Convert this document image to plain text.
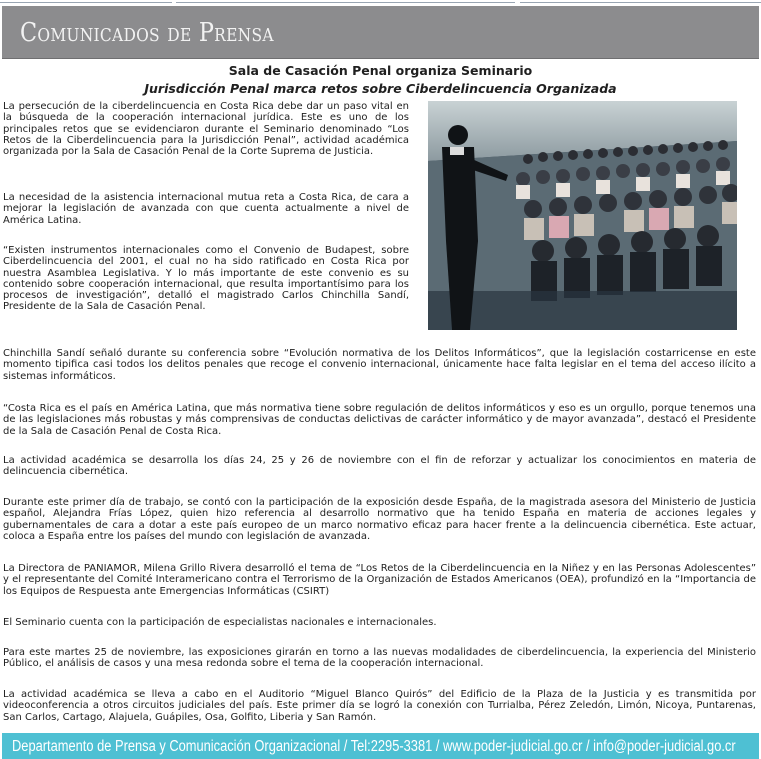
Comunicados de Prensa
Sala de Casación Penal organiza Seminario
Jurisdicción Penal marca retos sobre Ciberdelincuencia Organizada

La persecución de la ciberdelincuencia en Costa Rica debe dar un paso vital en la búsqueda de la cooperación internacional jurídica. Este es uno de los principales retos que se evidenciaron durante el Seminario denominado “Los Retos de la Ciberdelincuencia para la Jurisdicción Penal”, actividad académica organizada por la Sala de Casación Penal de la Corte Suprema de Justicia.

La necesidad de la asistencia internacional mutua reta a Costa Rica, de cara a mejorar la legislación de avanzada con que cuenta actualmente a nivel de América Latina.

“Existen instrumentos internacionales como el Convenio de Budapest, sobre Ciberdelincuencia del 2001, el cual no ha sido ratificado en Costa Rica por nuestra Asamblea Legislativa. Y lo más importante de este convenio es su contenido sobre cooperación internacional, que resulta importantísimo para los procesos de investigación”, detalló el magistrado Carlos Chinchilla Sandí, Presidente de la Sala de Casación Penal.

Chinchilla Sandí señaló durante su conferencia sobre “Evolución normativa de los Delitos Informáticos”, que la legislación costarricense en este momento tipifica casi todos los delitos penales que recoge el convenio internacional, únicamente hace falta legislar en el tema del acceso ilícito a sistemas informáticos.

“Costa Rica es el país en América Latina, que más normativa tiene sobre regulación de delitos informáticos y eso es un orgullo, porque tenemos una de las legislaciones más robustas y más comprensivas de conductas delictivas de carácter informático y de mayor avanzada”, destacó el Presidente de la Sala de Casación Penal de Costa Rica.

La actividad académica se desarrolla los días 24, 25 y 26 de noviembre con el fin de reforzar y actualizar los conocimientos en materia de delincuencia cibernética.

Durante este primer día de trabajo, se contó con la participación de la exposición desde España, de la magistrada asesora del Ministerio de Justicia español, Alejandra Frías López, quien hizo referencia al desarrollo normativo que ha tenido España en materia de acciones legales y gubernamentales de cara a dotar a este país europeo de un marco normativo eficaz para hacer frente a la delincuencia cibernética. Este actuar, coloca a España entre los países del mundo con legislación de avanzada.

La Directora de PANIAMOR, Milena Grillo Rivera desarrolló el tema de “Los Retos de la Ciberdelincuencia en la Niñez y en las Personas Adolescentes” y el representante del Comité Interamericano contra el Terrorismo de la Organización de Estados Americanos (OEA), profundizó en la “Importancia de los Equipos de Respuesta ante Emergencias Informáticas (CSIRT)

El Seminario cuenta con la participación de especialistas nacionales e internacionales.

Para este martes 25 de noviembre, las exposiciones girarán en torno a las nuevas modalidades de ciberdelincuencia, la experiencia del Ministerio Público, el análisis de casos y una mesa redonda sobre el tema de la cooperación internacional.

La actividad académica se lleva a cabo en el Auditorio “Miguel Blanco Quirós” del Edificio de la Plaza de la Justicia y es transmitida por videoconferencia a otros circuitos judiciales del país. Este primer día se logró la conexión con Turrialba, Pérez Zeledón, Limón, Nicoya, Puntarenas, San Carlos, Cartago, Alajuela, Guápiles, Osa, Golfito, Liberia y San Ramón.

Departamento de Prensa y Comunicación Organizacional / Tel:2295-3381 / www.poder-judicial.go.cr / info@poder-judicial.go.cr
